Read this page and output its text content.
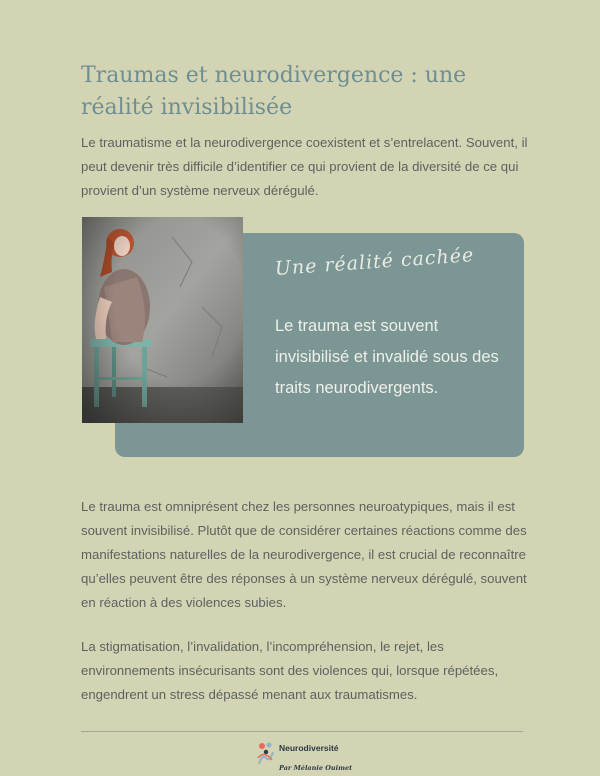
Traumas et neurodivergence : une réalité invisibilisée

Le traumatisme et la neurodivergence coexistent et s’entrelacent. Souvent, il peut devenir très difficile d’identifier ce qui provient de la diversité de ce qui provient d’un système nerveux dérégulé.

Une réalité cachée

Le trauma est souvent invisibilisé et invalidé sous des traits neurodivergents.

Le trauma est omniprésent chez les personnes neuroatypiques, mais il est souvent invisibilisé. Plutôt que de considérer certaines réactions comme des manifestations naturelles de la neurodivergence, il est crucial de reconnaître qu’elles peuvent être des réponses à un système nerveux dérégulé, souvent en réaction à des violences subies.

La stigmatisation, l’invalidation, l’incompréhension, le rejet, les environnements insécurisants sont des violences qui, lorsque répétées, engendrent un stress dépassé menant aux traumatismes.

Neurodiversité
Par Mélanie Ouimet
